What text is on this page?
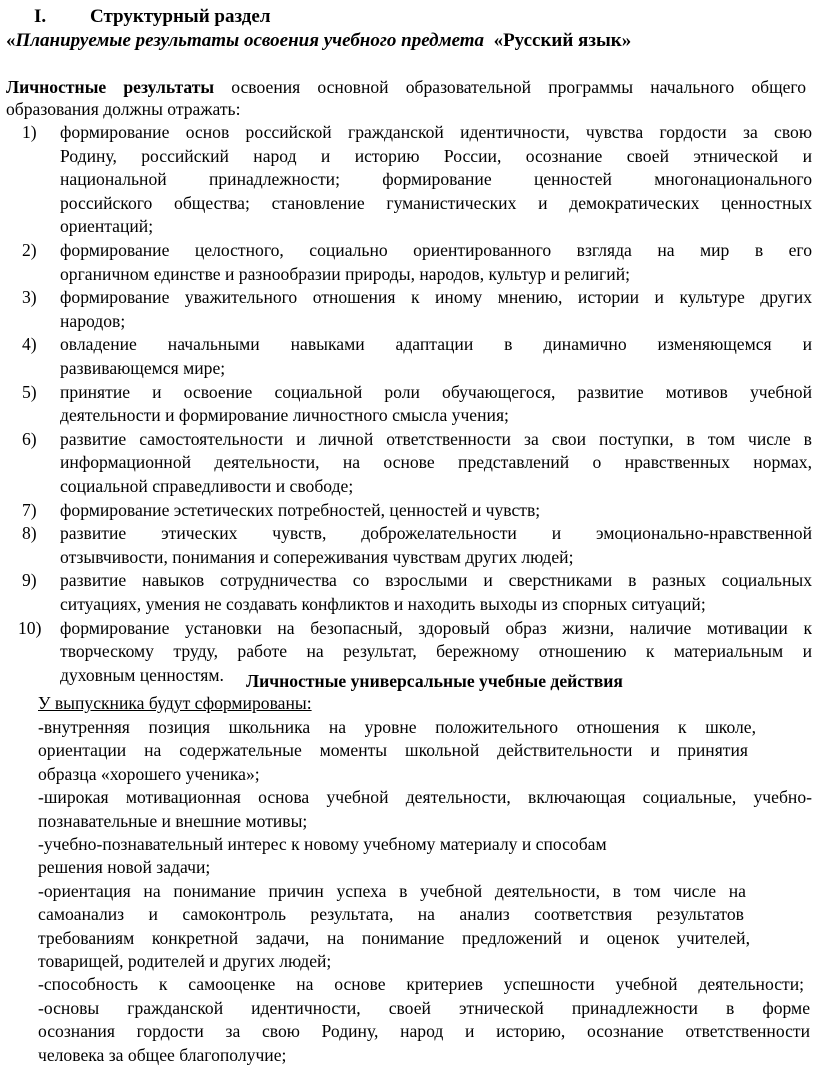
I. Структурный раздел
«Планируемые результаты освоения учебного предмета «Русский язык»
Личностные результаты освоения основной образовательной программы начального общего
образования должны отражать:
1)	формирование основ российской гражданской идентичности, чувства гордости за свою
Родину, российский народ и историю России, осознание своей этнической и
национальной принадлежности; формирование ценностей многонационального
российского общества; становление гуманистических и демократических ценностных
ориентаций;
2)	формирование целостного, социально ориентированного взгляда на мир в его
органичном единстве и разнообразии природы, народов, культур и религий;
3)	формирование уважительного отношения к иному мнению, истории и культуре других
народов;
4)	овладение начальными навыками адаптации в динамично изменяющемся и
развивающемся мире;
5)	принятие и освоение социальной роли обучающегося, развитие мотивов учебной
деятельности и формирование личностного смысла учения;
6)	развитие самостоятельности и личной ответственности за свои поступки, в том числе в
информационной деятельности, на основе представлений о нравственных нормах,
социальной справедливости и свободе;
7)	формирование эстетических потребностей, ценностей и чувств;
8)	развитие этических чувств, доброжелательности и эмоционально-нравственной
отзывчивости, понимания и сопереживания чувствам других людей;
9)	развитие навыков сотрудничества со взрослыми и сверстниками в разных социальных
ситуациях, умения не создавать конфликтов и находить выходы из спорных ситуаций;
10)	формирование установки на безопасный, здоровый образ жизни, наличие мотивации к
творческому труду, работе на результат, бережному отношению к материальным и
духовным ценностям.	Личностные универсальные учебные действия
У выпускника будут сформированы:
-внутренняя позиция школьника на уровне положительного отношения к школе,
ориентации на содержательные моменты школьной действительности и принятия
образца «хорошего ученика»;
-широкая мотивационная основа учебной деятельности, включающая социальные, учебно-
познавательные и внешние мотивы;
-учебно-познавательный интерес к новому учебному материалу и способам
решения новой задачи;
-ориентация на понимание причин успеха в учебной деятельности, в том числе на
самоанализ и самоконтроль результата, на анализ соответствия результатов
требованиям конкретной задачи, на понимание предложений и оценок учителей,
товарищей, родителей и других людей;
-способность к самооценке на основе критериев успешности учебной деятельности;
-основы гражданской идентичности, своей этнической принадлежности в форме
осознания гордости за свою Родину, народ и историю, осознание ответственности
человека за общее благополучие;
